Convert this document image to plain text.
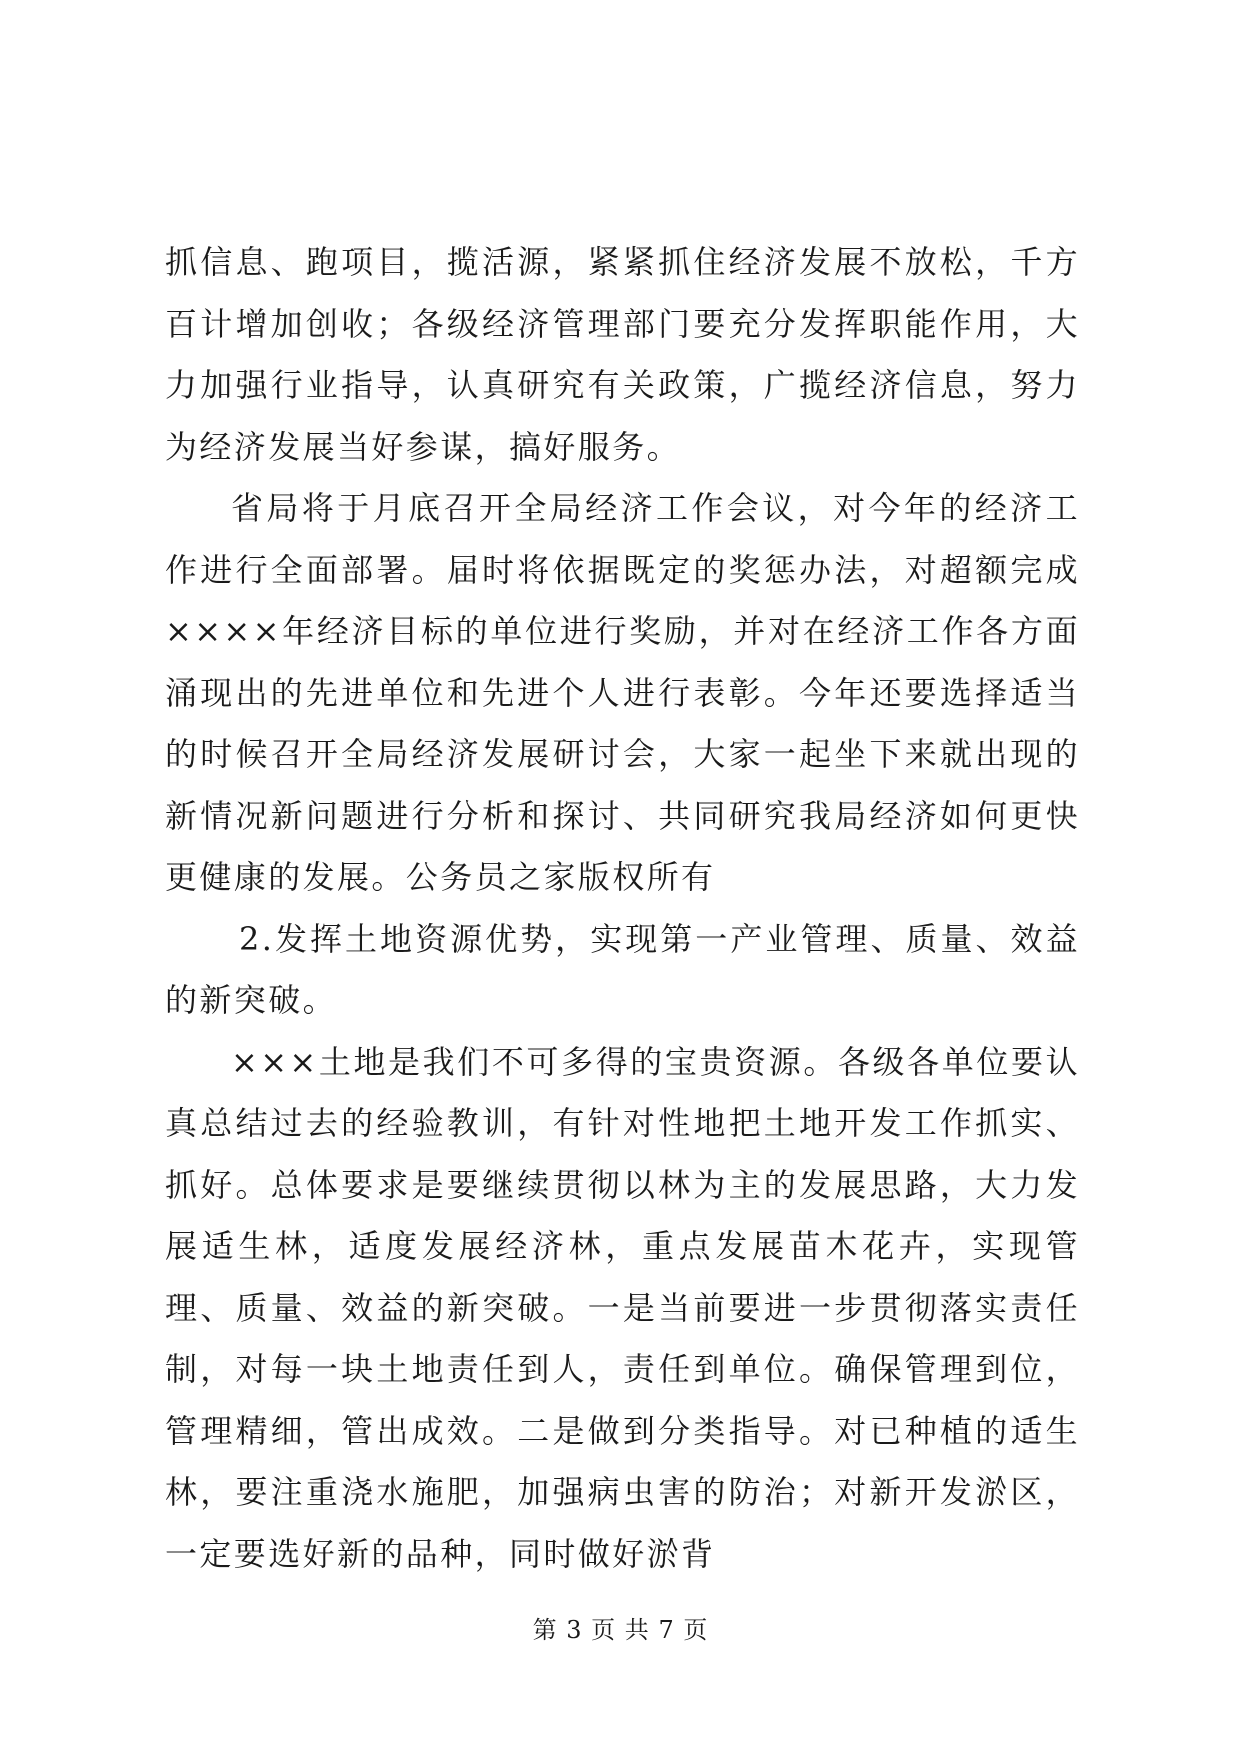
抓信息、跑项目，揽活源，紧紧抓住经济发展不放松，千方百计增加创收；各级经济管理部门要充分发挥职能作用，大力加强行业指导，认真研究有关政策，广揽经济信息，努力为经济发展当好参谋，搞好服务。

省局将于月底召开全局经济工作会议，对今年的经济工作进行全面部署。届时将依据既定的奖惩办法，对超额完成××××年经济目标的单位进行奖励，并对在经济工作各方面涌现出的先进单位和先进个人进行表彰。今年还要选择适当的时候召开全局经济发展研讨会，大家一起坐下来就出现的新情况新问题进行分析和探讨、共同研究我局经济如何更快更健康的发展。公务员之家版权所有

2.发挥土地资源优势，实现第一产业管理、质量、效益的新突破。

×××土地是我们不可多得的宝贵资源。各级各单位要认真总结过去的经验教训，有针对性地把土地开发工作抓实、抓好。总体要求是要继续贯彻以林为主的发展思路，大力发展适生林，适度发展经济林，重点发展苗木花卉，实现管理、质量、效益的新突破。一是当前要进一步贯彻落实责任制，对每一块土地责任到人，责任到单位。确保管理到位，管理精细，管出成效。二是做到分类指导。对已种植的适生林，要注重浇水施肥，加强病虫害的防治；对新开发淤区，一定要选好新的品种，同时做好淤背

第 3 页 共 7 页
